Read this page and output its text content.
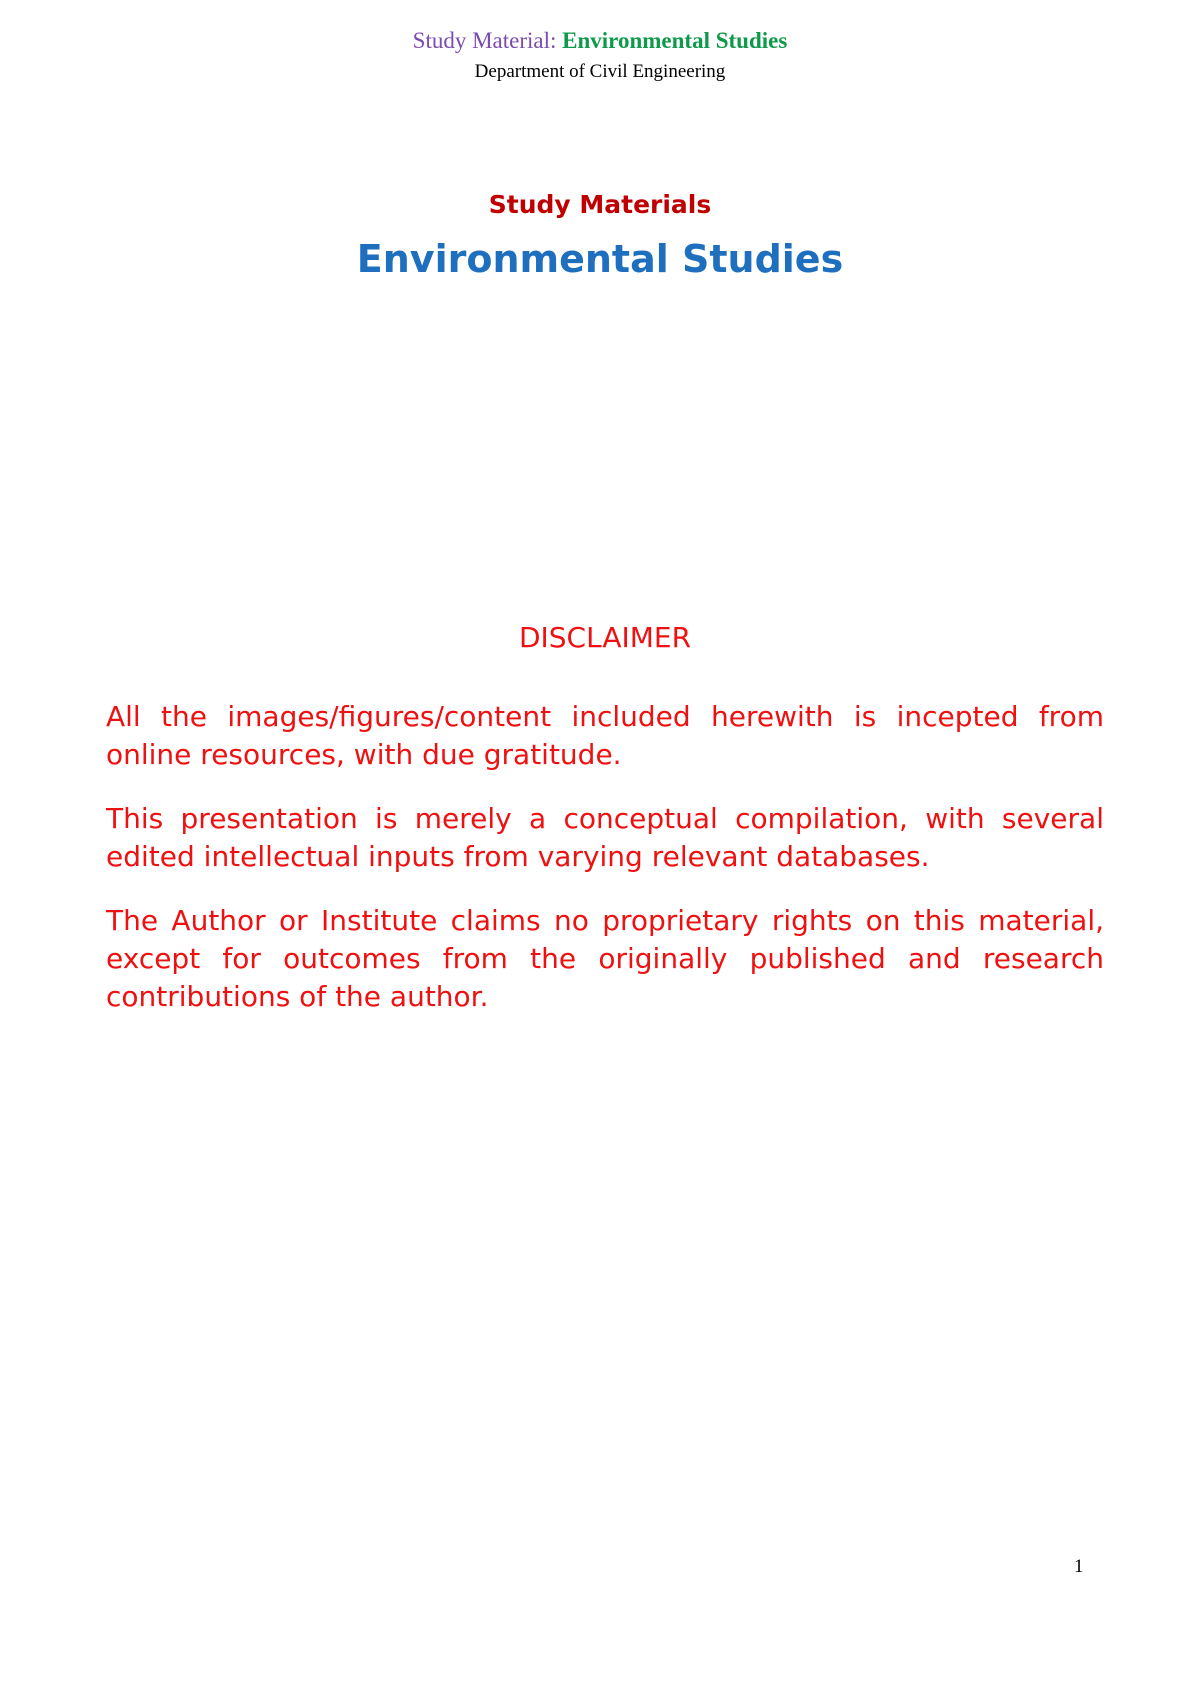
Study Material: Environmental Studies
Department of Civil Engineering
Study Materials
Environmental Studies
DISCLAIMER

All the images/figures/content included herewith is incepted from online resources, with due gratitude.

This presentation is merely a conceptual compilation, with several edited intellectual inputs from varying relevant databases.

The Author or Institute claims no proprietary rights on this material, except for outcomes from the originally published and research contributions of the author.

1
